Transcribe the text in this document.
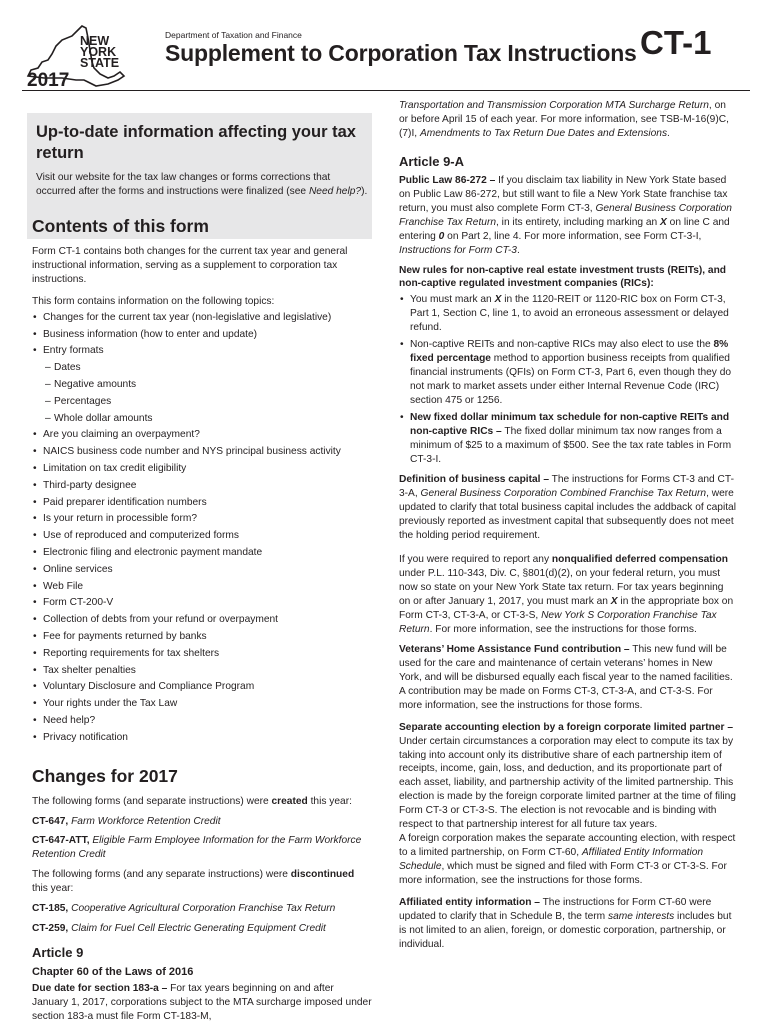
NEW
YORK
STATE
2017
Department of Taxation and Finance
Supplement to Corporation Tax Instructions CT-1
Up-to-date information affecting your tax return

Visit our website for the tax law changes or forms corrections that occurred after the forms and instructions were finalized (see Need help?).

Contents of this form

Form CT-1 contains both changes for the current tax year and general instructional information, serving as a supplement to corporation tax instructions.

This form contains information on the following topics:

• Changes for the current tax year (non-legislative and legislative)
• Business information (how to enter and update)
• Entry formats
– Dates
– Negative amounts
– Percentages
– Whole dollar amounts
• Are you claiming an overpayment?
• NAICS business code number and NYS principal business activity
• Limitation on tax credit eligibility
• Third-party designee
• Paid preparer identification numbers
• Is your return in processible form?
• Use of reproduced and computerized forms
• Electronic filing and electronic payment mandate
• Online services
• Web File
• Form CT-200-V
• Collection of debts from your refund or overpayment
• Fee for payments returned by banks
• Reporting requirements for tax shelters
• Tax shelter penalties
• Voluntary Disclosure and Compliance Program
• Your rights under the Tax Law
• Need help?
• Privacy notification
Changes for 2017

The following forms (and separate instructions) were created this year:

CT-647, Farm Workforce Retention Credit

CT-647-ATT, Eligible Farm Employee Information for the Farm Workforce Retention Credit

The following forms (and any separate instructions) were discontinued this year:

CT-185, Cooperative Agricultural Corporation Franchise Tax Return

CT-259, Claim for Fuel Cell Electric Generating Equipment Credit

Article 9
Chapter 60 of the Laws of 2016

Due date for section 183-a – For tax years beginning on and after January 1, 2017, corporations subject to the MTA surcharge imposed under section 183-a must file Form CT-183-M,

Transportation and Transmission Corporation MTA Surcharge Return, on or before April 15 of each year. For more information, see TSB-M-16(9)C, (7)I, Amendments to Tax Return Due Dates and Extensions.

Article 9-A

Public Law 86-272 – If you disclaim tax liability in New York State based on Public Law 86-272, but still want to file a New York State franchise tax return, you must also complete Form CT-3, General Business Corporation Franchise Tax Return, in its entirety, including marking an X on line C and entering 0 on Part 2, line 4. For more information, see Form CT-3-I, Instructions for Form CT-3.

New rules for non-captive real estate investment trusts (REITs), and non-captive regulated investment companies (RICs):

• You must mark an X in the 1120-REIT or 1120-RIC box on Form CT-3, Part 1, Section C, line 1, to avoid an erroneous assessment or delayed refund.
• Non-captive REITs and non-captive RICs may also elect to use the 8% fixed percentage method to apportion business receipts from qualified financial instruments (QFIs) on Form CT-3, Part 6, even though they do not mark to market assets under either Internal Revenue Code (IRC) section 475 or 1256.
• New fixed dollar minimum tax schedule for non-captive REITs and non-captive RICs – The fixed dollar minimum tax now ranges from a minimum of $25 to a maximum of $500. See the tax rate tables in Form CT-3-I.

Definition of business capital – The instructions for Forms CT-3 and CT-3-A, General Business Corporation Combined Franchise Tax Return, were updated to clarify that total business capital includes the addback of capital previously reported as investment capital that subsequently does not meet the holding period requirement.

If you were required to report any nonqualified deferred compensation under P.L. 110-343, Div. C, §801(d)(2), on your federal return, you must now so state on your New York State tax return. For tax years beginning on or after January 1, 2017, you must mark an X in the appropriate box on Form CT-3, CT-3-A, or CT-3-S, New York S Corporation Franchise Tax Return. For more information, see the instructions for those forms.

Veterans’ Home Assistance Fund contribution – This new fund will be used for the care and maintenance of certain veterans’ homes in New York, and will be disbursed equally each fiscal year to the named facilities. A contribution may be made on Forms CT-3, CT-3-A, and CT-3-S. For more information, see the instructions for those forms.

Separate accounting election by a foreign corporate limited partner – Under certain circumstances a corporation may elect to compute its tax by taking into account only its distributive share of each partnership item of receipts, income, gain, loss, and deduction, and its proportionate part of each asset, liability, and partnership activity of the limited partnership. This election is made by the foreign corporate limited partner at the time of filing Form CT-3 or CT-3-S. The election is not revocable and is binding with respect to that partnership interest for all future tax years.

A foreign corporation makes the separate accounting election, with respect to a limited partnership, on Form CT-60, Affiliated Entity Information Schedule, which must be signed and filed with Form CT-3 or CT-3-S. For more information, see the instructions for those forms.

Affiliated entity information – The instructions for Form CT-60 were updated to clarify that in Schedule B, the term same interests includes but is not limited to an alien, foreign, or domestic corporation, partnership, or individual.
